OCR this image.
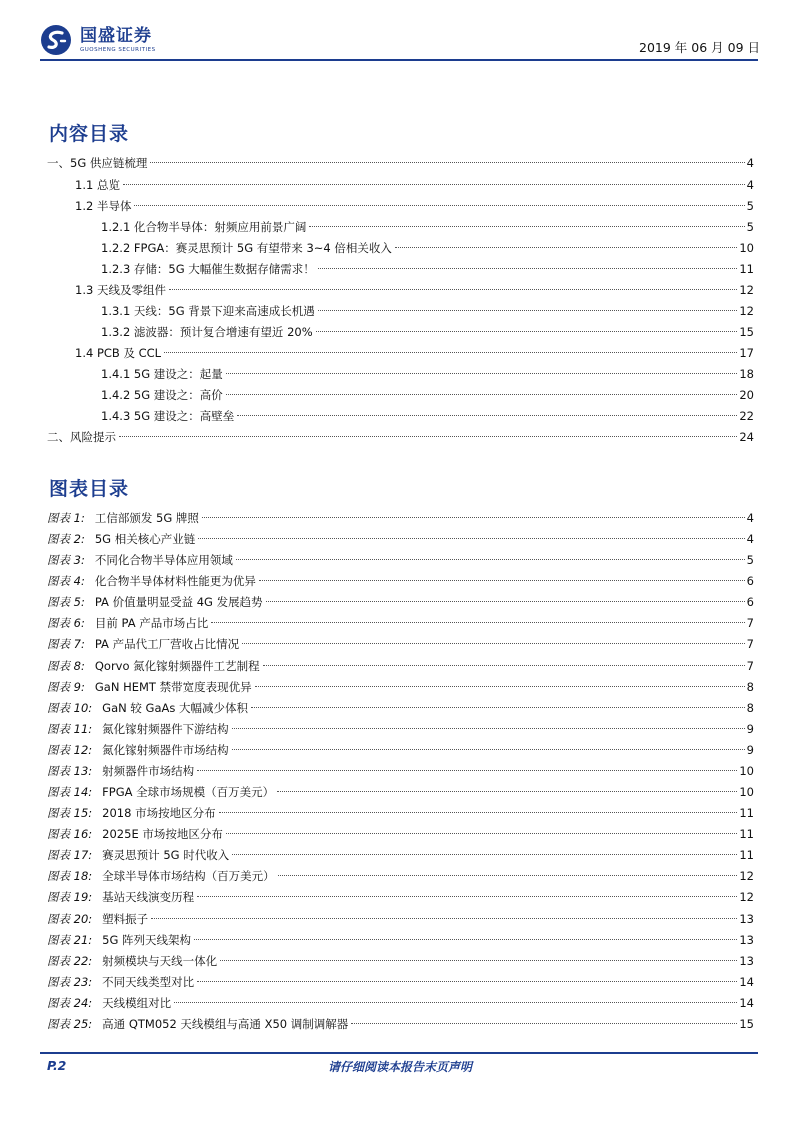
国盛证券
GUOSHENG SECURITIES	2019 年 06 月 09 日
内容目录
一、5G 供应链梳理	4
1.1 总览	4
1.2 半导体	5
1.2.1 化合物半导体：射频应用前景广阔	5
1.2.2 FPGA：赛灵思预计 5G 有望带来 3~4 倍相关收入	10
1.2.3 存储：5G 大幅催生数据存储需求！	11
1.3 天线及零组件	12
1.3.1 天线：5G 背景下迎来高速成长机遇	12
1.3.2 滤波器：预计复合增速有望近 20%	15
1.4 PCB 及 CCL	17
1.4.1 5G 建设之：起量	18
1.4.2 5G 建设之：高价	20
1.4.3 5G 建设之：高壁垒	22
二、风险提示	24
图表目录
图表 1: 工信部颁发 5G 牌照	4
图表 2: 5G 相关核心产业链	4
图表 3: 不同化合物半导体应用领域	5
图表 4: 化合物半导体材料性能更为优异	6
图表 5: PA 价值量明显受益 4G 发展趋势	6
图表 6: 目前 PA 产品市场占比	7
图表 7: PA 产品代工厂营收占比情况	7
图表 8: Qorvo 氮化镓射频器件工艺制程	7
图表 9: GaN HEMT 禁带宽度表现优异	8
图表 10: GaN 较 GaAs 大幅减少体积	8
图表 11: 氮化镓射频器件下游结构	9
图表 12: 氮化镓射频器件市场结构	9
图表 13: 射频器件市场结构	10
图表 14: FPGA 全球市场规模（百万美元）	10
图表 15: 2018 市场按地区分布	11
图表 16: 2025E 市场按地区分布	11
图表 17: 赛灵思预计 5G 时代收入	11
图表 18: 全球半导体市场结构（百万美元）	12
图表 19: 基站天线演变历程	12
图表 20: 塑料振子	13
图表 21: 5G 阵列天线架构	13
图表 22: 射频模块与天线一体化	13
图表 23: 不同天线类型对比	14
图表 24: 天线模组对比	14
图表 25: 高通 QTM052 天线模组与高通 X50 调制调解器	15
请仔细阅读本报告末页声明
P.2
